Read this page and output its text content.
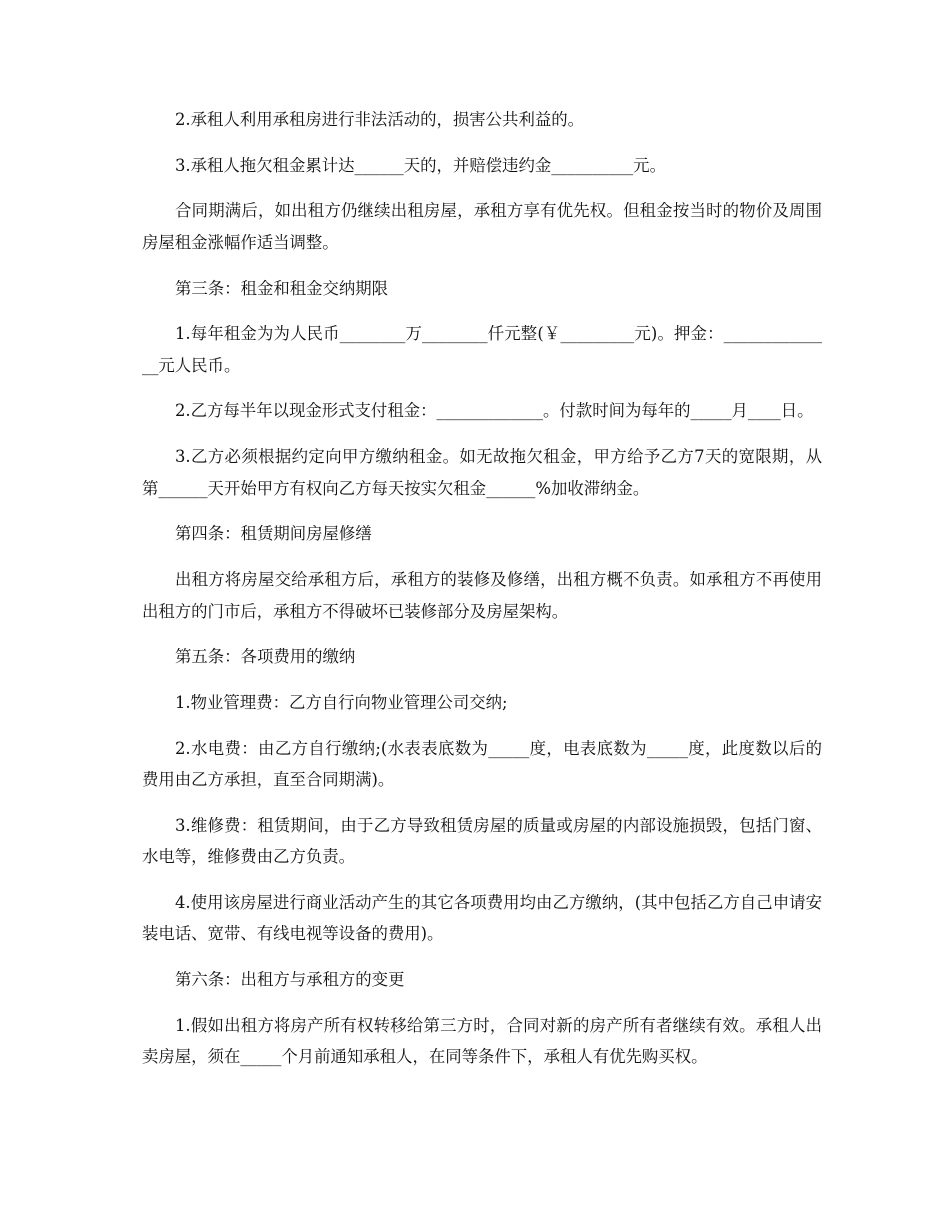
2.承租人利用承租房进行非法活动的，损害公共利益的。

3.承租人拖欠租金累计达______天的，并赔偿违约金__________元。

合同期满后，如出租方仍继续出租房屋，承租方享有优先权。但租金按当时的物价及周围房屋租金涨幅作适当调整。

第三条：租金和租金交纳期限

1.每年租金为为人民币________万________仟元整(￥_________元)。押金：______________元人民币。

2.乙方每半年以现金形式支付租金：_____________。付款时间为每年的_____月____日。

3.乙方必须根据约定向甲方缴纳租金。如无故拖欠租金，甲方给予乙方7天的宽限期，从第______天开始甲方有权向乙方每天按实欠租金______%加收滞纳金。

第四条：租赁期间房屋修缮

出租方将房屋交给承租方后，承租方的装修及修缮，出租方概不负责。如承租方不再使用出租方的门市后，承租方不得破坏已装修部分及房屋架构。

第五条：各项费用的缴纳

1.物业管理费：乙方自行向物业管理公司交纳;

2.水电费：由乙方自行缴纳;(水表表底数为_____度，电表底数为_____度，此度数以后的费用由乙方承担，直至合同期满)。

3.维修费：租赁期间，由于乙方导致租赁房屋的质量或房屋的内部设施损毁，包括门窗、水电等，维修费由乙方负责。

4.使用该房屋进行商业活动产生的其它各项费用均由乙方缴纳，(其中包括乙方自己申请安装电话、宽带、有线电视等设备的费用)。

第六条：出租方与承租方的变更

1.假如出租方将房产所有权转移给第三方时，合同对新的房产所有者继续有效。承租人出卖房屋，须在_____个月前通知承租人，在同等条件下，承租人有优先购买权。
